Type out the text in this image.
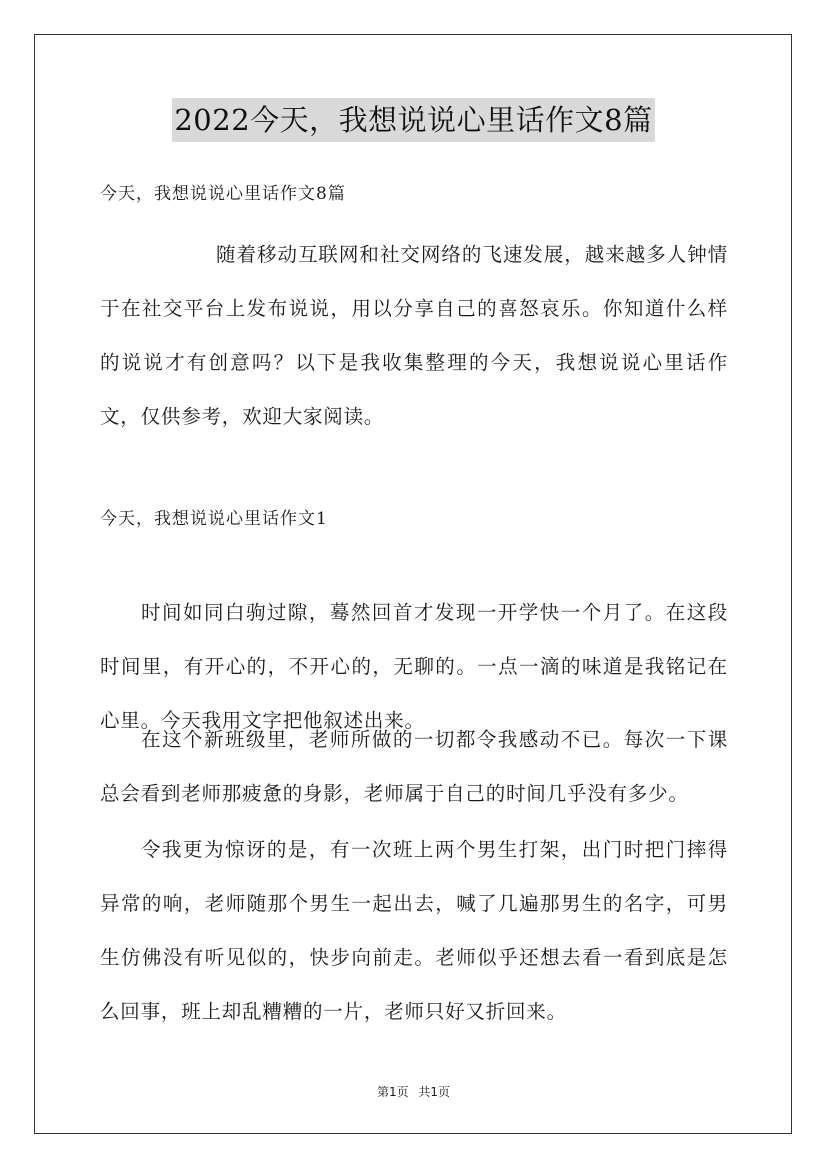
2022今天，我想说说心里话作文8篇
今天，我想说说心里话作文8篇

随着移动互联网和社交网络的飞速发展，越来越多人钟情于在社交平台上发布说说，用以分享自己的喜怒哀乐。你知道什么样的说说才有创意吗？以下是我收集整理的今天，我想说说心里话作文，仅供参考，欢迎大家阅读。

今天，我想说说心里话作文1

时间如同白驹过隙，蓦然回首才发现一开学快一个月了。在这段时间里，有开心的，不开心的，无聊的。一点一滴的味道是我铭记在心里。今天我用文字把他叙述出来。

在这个新班级里，老师所做的一切都令我感动不已。每次一下课总会看到老师那疲惫的身影，老师属于自己的时间几乎没有多少。

令我更为惊讶的是，有一次班上两个男生打架，出门时把门摔得异常的响，老师随那个男生一起出去，喊了几遍那男生的名字，可男生仿佛没有听见似的，快步向前走。老师似乎还想去看一看到底是怎么回事，班上却乱糟糟的一片，老师只好又折回来。

第1页 共1页
